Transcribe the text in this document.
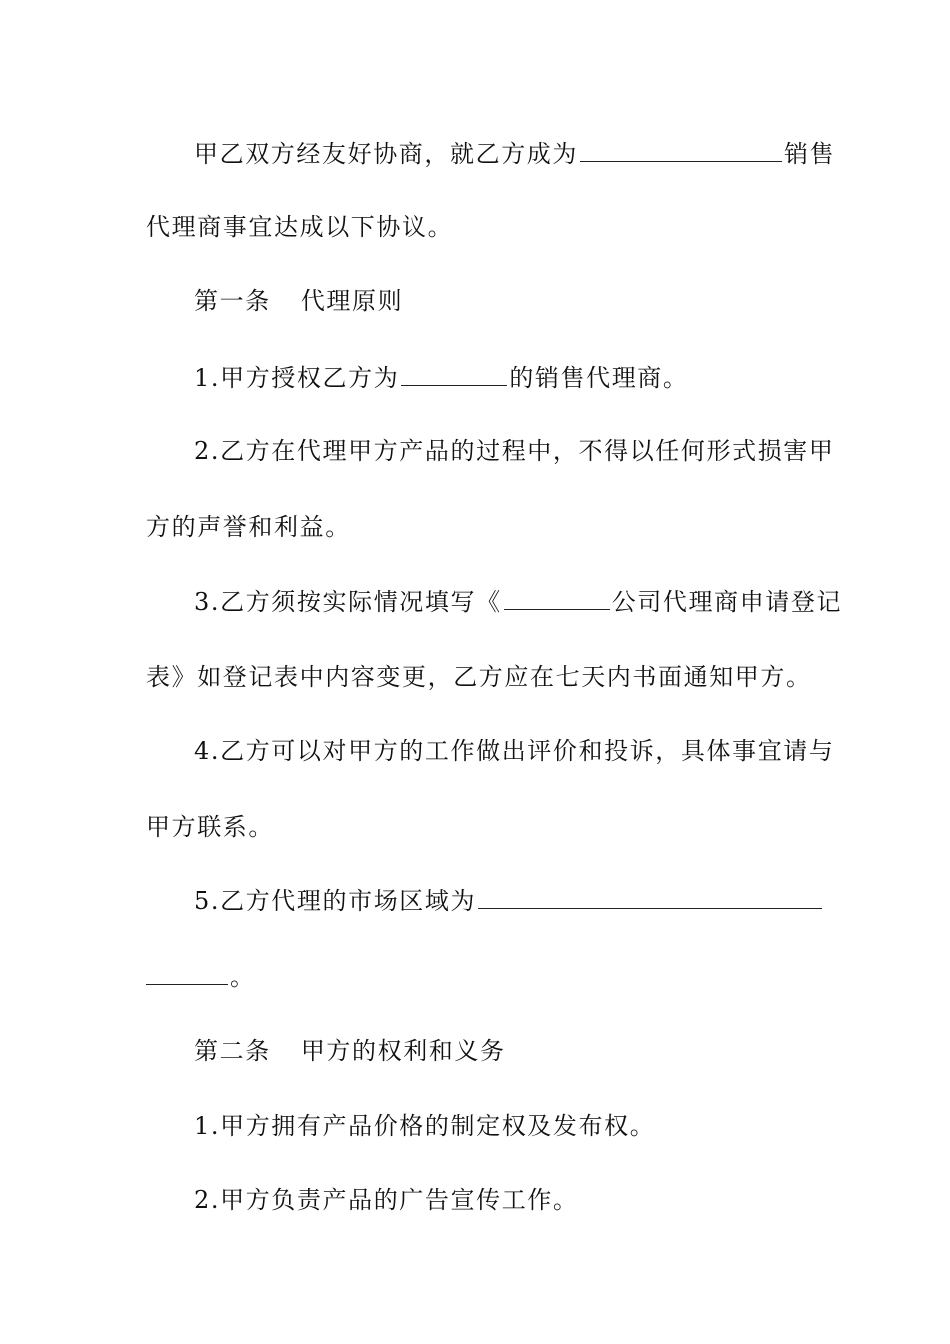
甲乙双方经友好协商，就乙方成为	销售
代理商事宜达成以下协议。
第一条 代理原则
1.甲方授权乙方为	的销售代理商。
2.乙方在代理甲方产品的过程中，不得以任何形式损害甲
方的声誉和利益。
3.乙方须按实际情况填写《	公司代理商申请登记
表》如登记表中内容变更，乙方应在七天内书面通知甲方。
4.乙方可以对甲方的工作做出评价和投诉，具体事宜请与
甲方联系。
5.乙方代理的市场区域为
。
第二条 甲方的权利和义务
1.甲方拥有产品价格的制定权及发布权。
2.甲方负责产品的广告宣传工作。
